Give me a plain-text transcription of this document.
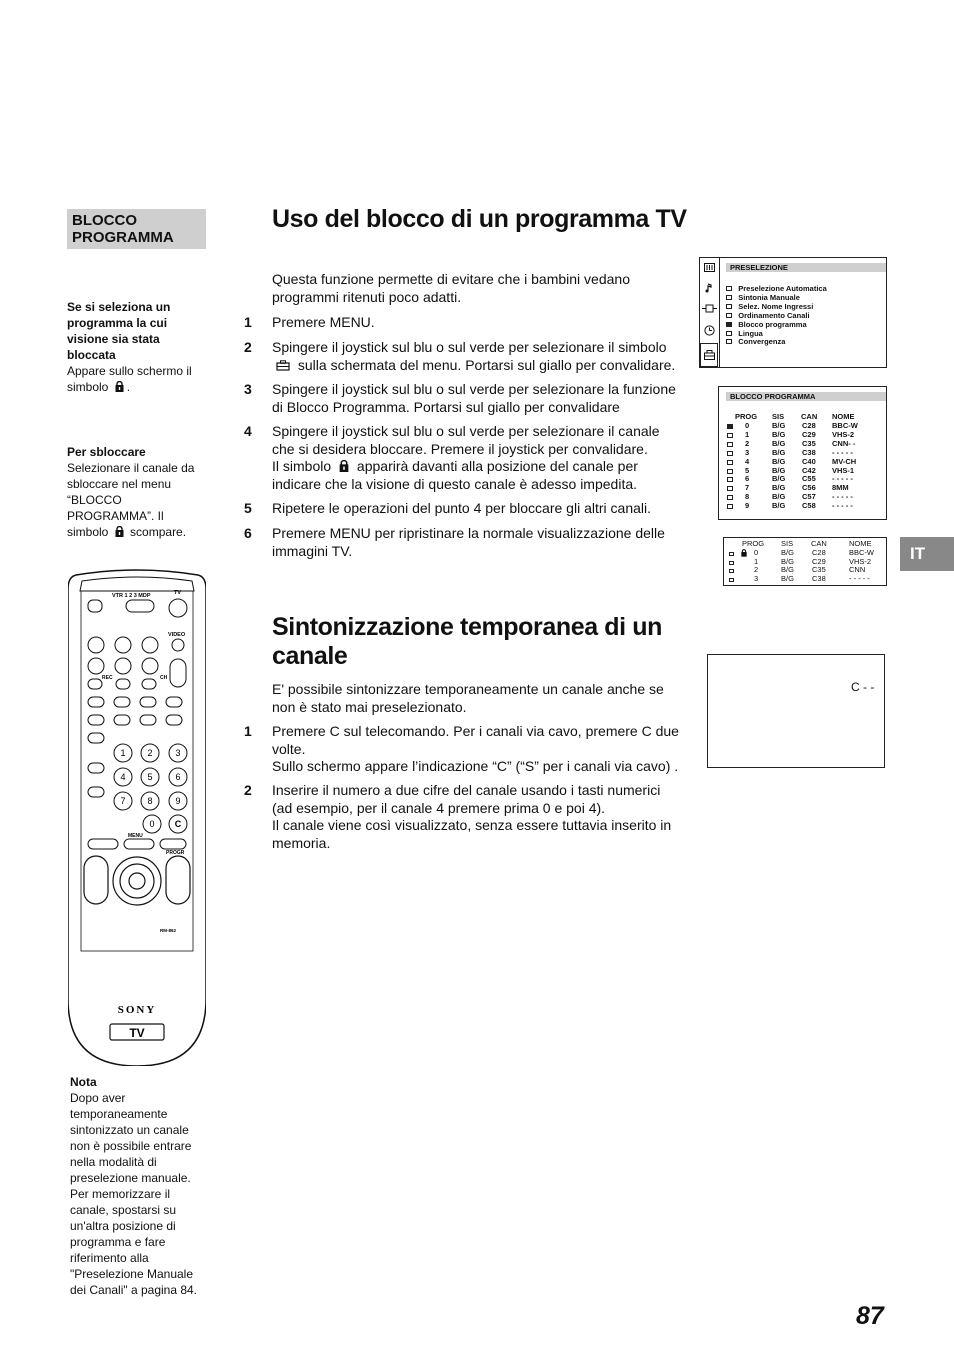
BLOCCO PROGRAMMA
Se si seleziona un programma la cui visione sia stata bloccata
Appare sullo schermo il simbolo .
Per sbloccare
Selezionare il canale da sbloccare nel menu “BLOCCO PROGRAMMA”. Il simbolo scompare.
VTR 1 2 3 MDP	TV
VIDEO
REC	CH
1 2	3
4 5	6
7 8	9
0 C
MENU
PROGR
RM-862
SONY
TV
Nota
Dopo aver temporaneamente sintonizzato un canale non è possibile entrare nella modalità di preselezione manuale. Per memorizzare il canale, spostarsi su un'altra posizione di programma e fare riferimento alla "Preselezione Manuale dei Canali" a pagina 84.
Uso del blocco di un programma TV
Questa funzione permette di evitare che i bambini vedano programmi ritenuti poco adatti.
1 Premere MENU.
2 Spingere il joystick sul blu o sul verde per selezionare il simbolo
sulla schermata del menu. Portarsi sul giallo per convalidare.
3 Spingere il joystick sul blu o sul verde per selezionare la funzione di Blocco Programma. Portarsi sul giallo per convalidare
4 Spingere il joystick sul blu o sul verde per selezionare il canale che si desidera bloccare. Premere il joystick per convalidare.
Il simbolo apparirà davanti alla posizione del canale per indicare che la visione di questo canale è adesso impedita.
5 Ripetere le operazioni del punto 4 per bloccare gli altri canali.
6 Premere MENU per ripristinare la normale visualizzazione delle immagini TV.
Sintonizzazione temporanea di un canale
E' possibile sintonizzare temporaneamente un canale anche se non è stato mai preselezionato.
1 Premere C sul telecomando. Per i canali via cavo, premere C due volte.
Sullo schermo appare l’indicazione “C” (“S” per i canali via cavo) .
2 Inserire il numero a due cifre del canale usando i tasti numerici (ad esempio, per il canale 4 premere prima 0 e poi 4).
Il canale viene così visualizzato, senza essere tuttavia inserito in memoria.
PRESELEZIONE
Preselezione Automatica
Sintonia Manuale
Selez. Nome Ingressi
Ordinamento Canali
Blocco programma
Lingua
Convergenza
BLOCCO PROGRAMMA
PROG SIS CAN NOME
0	B/G C28 BBC-W
1	B/G C29 VHS-2
2	B/G C35 CNN- -
3	B/G C38 - - - - -
4	B/G C40 MV-CH
5	B/G C42 VHS-1
6	B/G C55 - - - - -
7	B/G C56 8MM
8	B/G C57 - - - - -
9	B/G C58 - - - - -
PROG SIS CAN	NOME
0	B/G C28	BBC-W
1	B/G C29	VHS-2
2	B/G C35	CNN
3	B/G C38	- - - - -
C - -
IT
87
